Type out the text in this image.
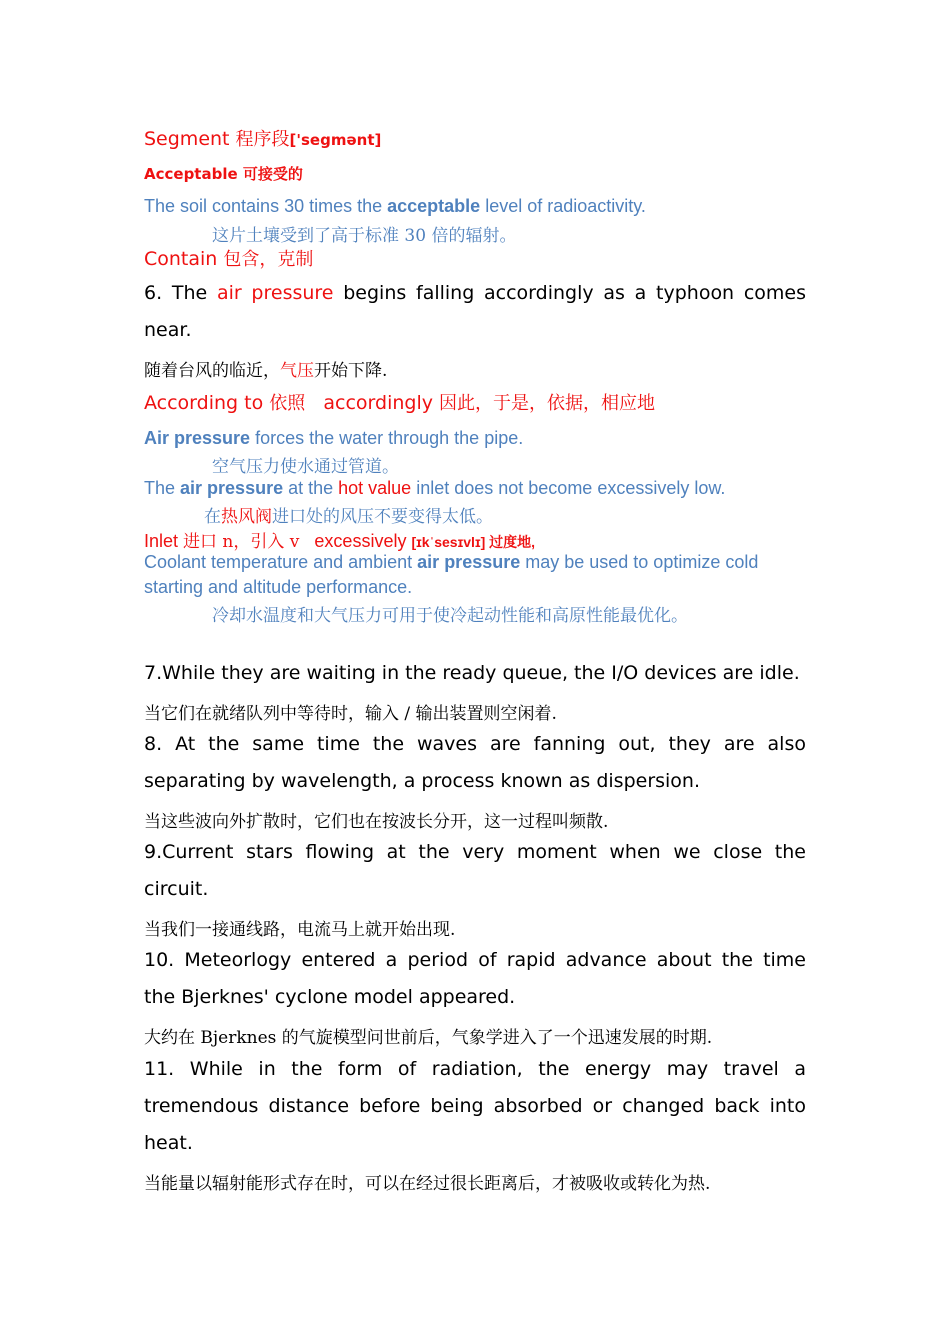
Segment 程序段['segmənt]

Acceptable 可接受的

The soil contains 30 times the acceptable level of radioactivity.

这片土壤受到了高于标准 30 倍的辐射。

Contain 包含，克制

6. The air pressure begins falling accordingly as a typhoon comes

near.

随着台风的临近，气压开始下降.

According to 依照 accordingly 因此，于是，依据，相应地

Air pressure forces the water through the pipe.

空气压力使水通过管道。

The air pressure at the hot value inlet does not become excessively low.

在热风阀进口处的风压不要变得太低。

Inlet 进口 n，引入 v excessively [ɪkˈsesɪvlɪ] 过度地,

Coolant temperature and ambient air pressure may be used to optimize cold

starting and altitude performance.

冷却水温度和大气压力可用于使冷起动性能和高原性能最优化。

7.While they are waiting in the ready queue, the I/O devices are idle.

当它们在就绪队列中等待时，输入 / 输出装置则空闲着.

8. At the same time the waves are fanning out, they are also

separating by wavelength, a process known as dispersion.

当这些波向外扩散时，它们也在按波长分开，这一过程叫频散.

9.Current stars flowing at the very moment when we close the

circuit.

当我们一接通线路，电流马上就开始出现.

10. Meteorlogy entered a period of rapid advance about the time

the Bjerknes' cyclone model appeared.

大约在 Bjerknes 的气旋模型问世前后，气象学进入了一个迅速发展的时期.

11. While in the form of radiation, the energy may travel a

tremendous distance before being absorbed or changed back into

heat.

当能量以辐射能形式存在时，可以在经过很长距离后，才被吸收或转化为热.
